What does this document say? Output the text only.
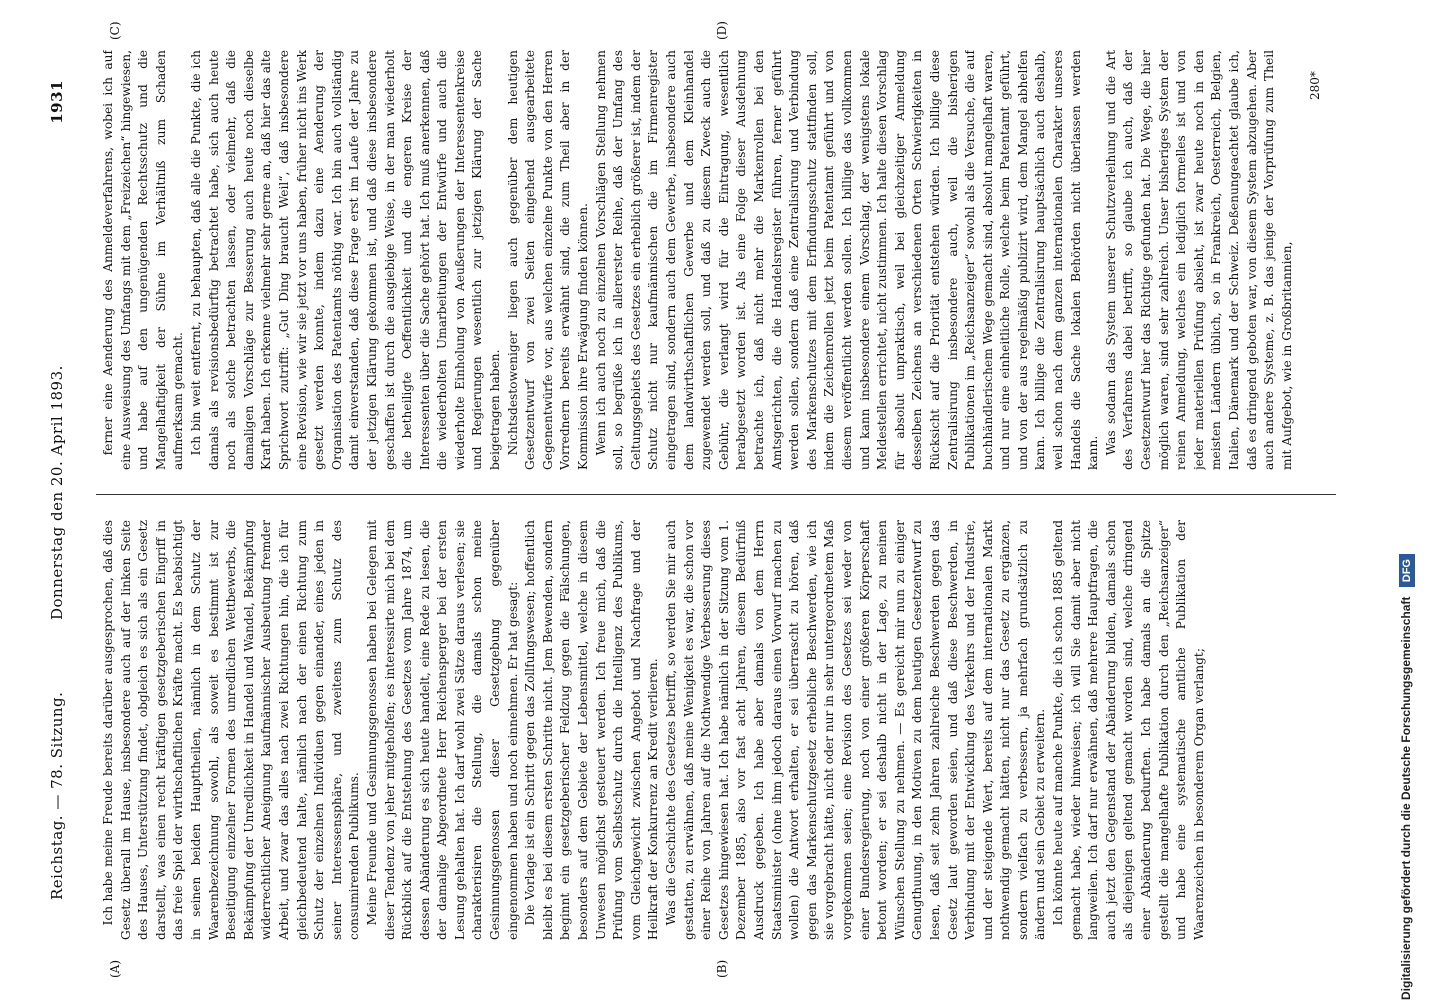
Reichstag. — 78. Sitzung.
Donnerstag den 20. April 1893.
1931
(A)	(B)
(C)	(D)

Ich habe meine Freude bereits darüber ausgesprochen, daß dies Gesetz überall im Hause, insbesondere auch auf der linken Seite des Hauses, Unterstützung findet, obgleich es sich als ein Gesetz darstellt, was einen recht kräftigen gesetzgeberischen Eingriff in das freie Spiel der wirthschaftlichen Kräfte macht. Es beabsichtigt in seinen beiden Haupttheilen, nämlich in dem Schutz der Waarenbezeichnung sowohl, als soweit es bestimmt ist zur Beseitigung einzelner Formen des unredlichen Wettbewerbs, die Bekämpfung der Unredlichkeit in Handel und Wandel, Bekämpfung widerrechtlicher Aneignung kaufmännischer Ausbeutung fremder Arbeit, und zwar das alles nach zwei Richtungen hin, die ich für gleichbedeutend halte, nämlich nach der einen Richtung zum Schutz der einzelnen Individuen gegen einander, eines jeden in seiner Interessensphäre, und zweitens zum Schutz des consumirenden Publikums. Meine Freunde und Gesinnungsgenossen haben bei Gelegen mit dieser Tendenz von jeher mitgeholfen; es interessirte mich bei dem Rückblick auf die Entstehung des Gesetzes vom Jahre 1874, um dessen Abänderung es sich heute handelt, eine Rede zu lesen, die der damalige Abgeordnete Herr Reichensperger bei der ersten Lesung gehalten hat. Ich darf wohl zwei Sätze daraus verlesen; sie charakterisiren die Stellung, die damals schon meine Gesinnungsgenossen dieser Gesetzgebung gegenüber eingenommen haben und noch einnehmen. Er hat gesagt: Die Vorlage ist ein Schritt gegen das Zollfungswesen; hoffentlich bleibt es bei diesem ersten Schritte nicht. Jem Bewenden, sondern beginnt ein gesetzgeberischer Feldzug gegen die Fälschungen, besonders auf dem Gebiete der Lebensmittel, welche in diesem Unwesen möglichst gesteuert werden. Ich freue mich, daß die Prüfung vom Selbstschutz durch die Intelligenz des Publikums, vom Gleichgewicht zwischen Angebot und Nachfrage und der Heilkraft der Konkurrenz an Kredit verlieren. Was die Geschichte des Gesetzes betrifft, so werden Sie mir auch gestatten, zu erwähnen, daß meine Wenigkeit es war, die schon vor einer Reihe von Jahren auf die Nothwendige Verbesserung dieses Gesetzes hingewiesen hat. Ich habe nämlich in der Sitzung vom 1. Dezember 1885, also vor fast acht Jahren, diesem Bedürfniß Ausdruck gegeben. Ich habe aber damals von dem Herrn Staatsminister (ohne ihm jedoch daraus einen Vorwurf machen zu wollen) die Antwort erhalten, er sei überrascht zu hören, daß gegen das Markenschutzgesetz erhebliche Beschwerden, wie ich sie vorgebracht hätte, nicht oder nur in sehr untergeordnetem Maß vorgekommen seien; eine Revision des Gesetzes sei weder von einer Bundesregierung, noch von einer größeren Körperschaft betont worden; er sei deshalb nicht in der Lage, zu meinen Wünschen Stellung zu nehmen. — Es gereicht mir nun zu einiger Genugthuung, in den Motiven zu dem heutigen Gesetzentwurf zu lesen, daß seit zehn Jahren zahlreiche Beschwerden gegen das Gesetz laut geworden seien, und daß diese Beschwerden, in Verbindung mit der Entwicklung des Verkehrs und der Industrie, und der steigende Wert, bereits auf dem internationalen Markt nothwendig gemacht hätten, nicht nur das Gesetz zu ergänzen, sondern vielfach zu verbessern, ja mehrfach grundsätzlich zu ändern und sein Gebiet zu erweitern. Ich könnte heute auf manche Punkte, die ich schon 1885 geltend gemacht habe, wieder hinweisen; ich will Sie damit aber nicht langweilen. Ich darf nur erwähnen, daß mehrere Hauptfragen, die auch jetzt den Gegenstand der Abänderung bilden, damals schon als diejenigen geltend gemacht worden sind, welche dringend einer Abänderung bedurften. Ich habe damals an die Spitze gestellt die mangelhafte Publikation durch den „Reichsanzeiger“ und habe eine systematische amtliche Publikation der Waarenzeichen in besonderem Organ verlangt;

ferner eine Aenderung des Anmeldeverfahrens, wobei ich auf eine Ausweisung des Umfangs mit dem „Freizeichen“ hingewiesen, und habe auf den ungenügenden Rechtsschutz und die Mangelhaftigkeit der Sühne im Verhältniß zum Schaden aufmerksam gemacht. Ich bin weit entfernt, zu behaupten, daß alle die Punkte, die ich damals als revisionsbedürftig betrachtet habe, sich auch heute noch als solche betrachten lassen, oder vielmehr, daß die damaligen Vorschläge zur Besserung auch heute noch dieselbe Kraft haben. Ich erkenne vielmehr sehr gerne an, daß hier das alte Sprichwort zutrifft: „Gut Ding braucht Weil“, daß insbesondere eine Revision, wie wir sie jetzt vor uns haben, früher nicht ins Werk gesetzt werden konnte, indem dazu eine Aenderung der Organisation des Patentamts nöthig war. Ich bin auch vollständig damit einverstanden, daß diese Frage erst im Laufe der Jahre zu der jetzigen Klärung gekommen ist, und daß diese insbesondere geschaffen ist durch die ausgiebige Weise, in der man wiederholt die betheiligte Oeffentlichkeit und die engeren Kreise der Interessenten über die Sache gehört hat. Ich muß anerkennen, daß die wiederholten Umarbeitungen der Entwürfe und auch die wiederholte Einholung von Aeußerungen der Interessentenkreise und Regierungen wesentlich zur jetzigen Klärung der Sache beigetragen haben. Nichtsdestoweniger liegen auch gegenüber dem heutigen Gesetzentwurf von zwei Seiten eingehend ausgearbeitete Gegenentwürfe vor, aus welchen einzelne Punkte von den Herren Vorrednern bereits erwähnt sind, die zum Theil aber in der Kommission ihre Erwägung finden können. Wenn ich auch noch zu einzelnen Vorschlägen Stellung nehmen soll, so begrüße ich in allererster Reihe, daß der Umfang des Geltungsgebiets des Gesetzes ein erheblich größerer ist, indem der Schutz nicht nur kaufmännischen die im Firmenregister eingetragen sind, sondern auch dem Gewerbe, insbesondere auch dem landwirthschaftlichen Gewerbe und dem Kleinhandel zugewendet werden soll, und daß zu diesem Zweck auch die Gebühr, die verlangt wird für die Eintragung, wesentlich herabgesetzt worden ist. Als eine Folge dieser Ausdehnung betrachte ich, daß nicht mehr die Markenrollen bei den Amtsgerichten, die die Handelsregister führen, ferner geführt werden sollen, sondern daß eine Zentralisirung und Verbindung des Markenschutzes mit dem Erfindungsschutz stattfinden soll, indem die Zeichenrollen jetzt beim Patentamt geführt und von diesem veröffentlicht werden sollen. Ich billige das vollkommen und kann insbesondere einem Vorschlag, der wenigstens lokale Meldestellen errichtet, nicht zustimmen. Ich halte diesen Vorschlag für absolut unpraktisch, weil bei gleichzeitiger Anmeldung desselben Zeichens an verschiedenen Orten Schwierigkeiten in Rücksicht auf die Priorität entstehen würden. Ich billige diese Zentralisirung insbesondere auch, weil die bisherigen Publikationen im „Reichsanzeiger“ sowohl als die Versuche, die auf buchhändlerischem Wege gemacht sind, absolut mangelhaft waren, und nur eine einheitliche Rolle, welche beim Patentamt geführt, und von der aus regelmäßig publizirt wird, dem Mangel abhelfen kann. Ich billige die Zentralisirung hauptsächlich auch deshalb, weil schon nach dem ganzen internationalen Charakter unseres Handels die Sache lokalen Behörden nicht überlassen werden kann. Was sodann das System unserer Schutzverleihung und die Art des Verfahrens dabei betrifft, so glaube ich auch, daß der Gesetzentwurf hier das Richtige gefunden hat. Die Wege, die hier möglich waren, sind sehr zahlreich. Unser bisheriges System der reinen Anmeldung, welches ein lediglich formelles ist und von jeder materiellen Prüfung absieht, ist zwar heute noch in den meisten Ländern üblich, so in Frankreich, Oesterreich, Belgien, Italien, Dänemark und der Schweiz. Deßenungeachtet glaube ich, daß es dringend geboten war, von diesem System abzugehen. Aber auch andere Systeme, z. B. das jenige der Vorprüfung zum Theil mit Aufgebot, wie in Großbritannien,

280*
Digitalisierung gefördert durch die Deutsche Forschungsgemeinschaft DFG
